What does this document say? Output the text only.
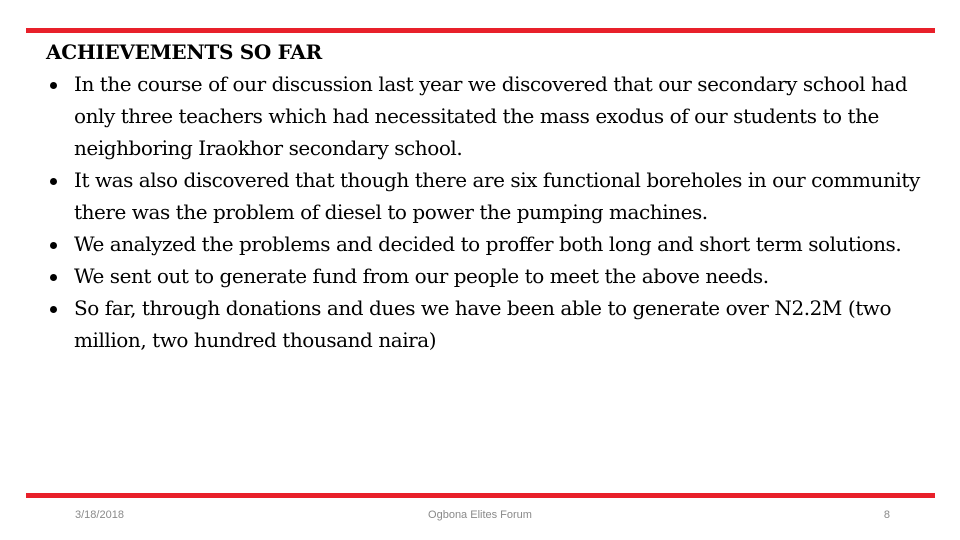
ACHIEVEMENTS SO FAR

In the course of our discussion last year we discovered that our secondary school had only three teachers which had necessitated the mass exodus of our students to the neighboring Iraokhor secondary school.
It was also discovered that though there are six functional boreholes in our community there was the problem of diesel to power the pumping machines.
We analyzed the problems and decided to proffer both long and short term solutions.
We sent out to generate fund from our people to meet the above needs.
So far, through donations and dues we have been able to generate over N2.2M (two million, two hundred thousand naira)
3/18/2018	Ogbona Elites Forum	8
